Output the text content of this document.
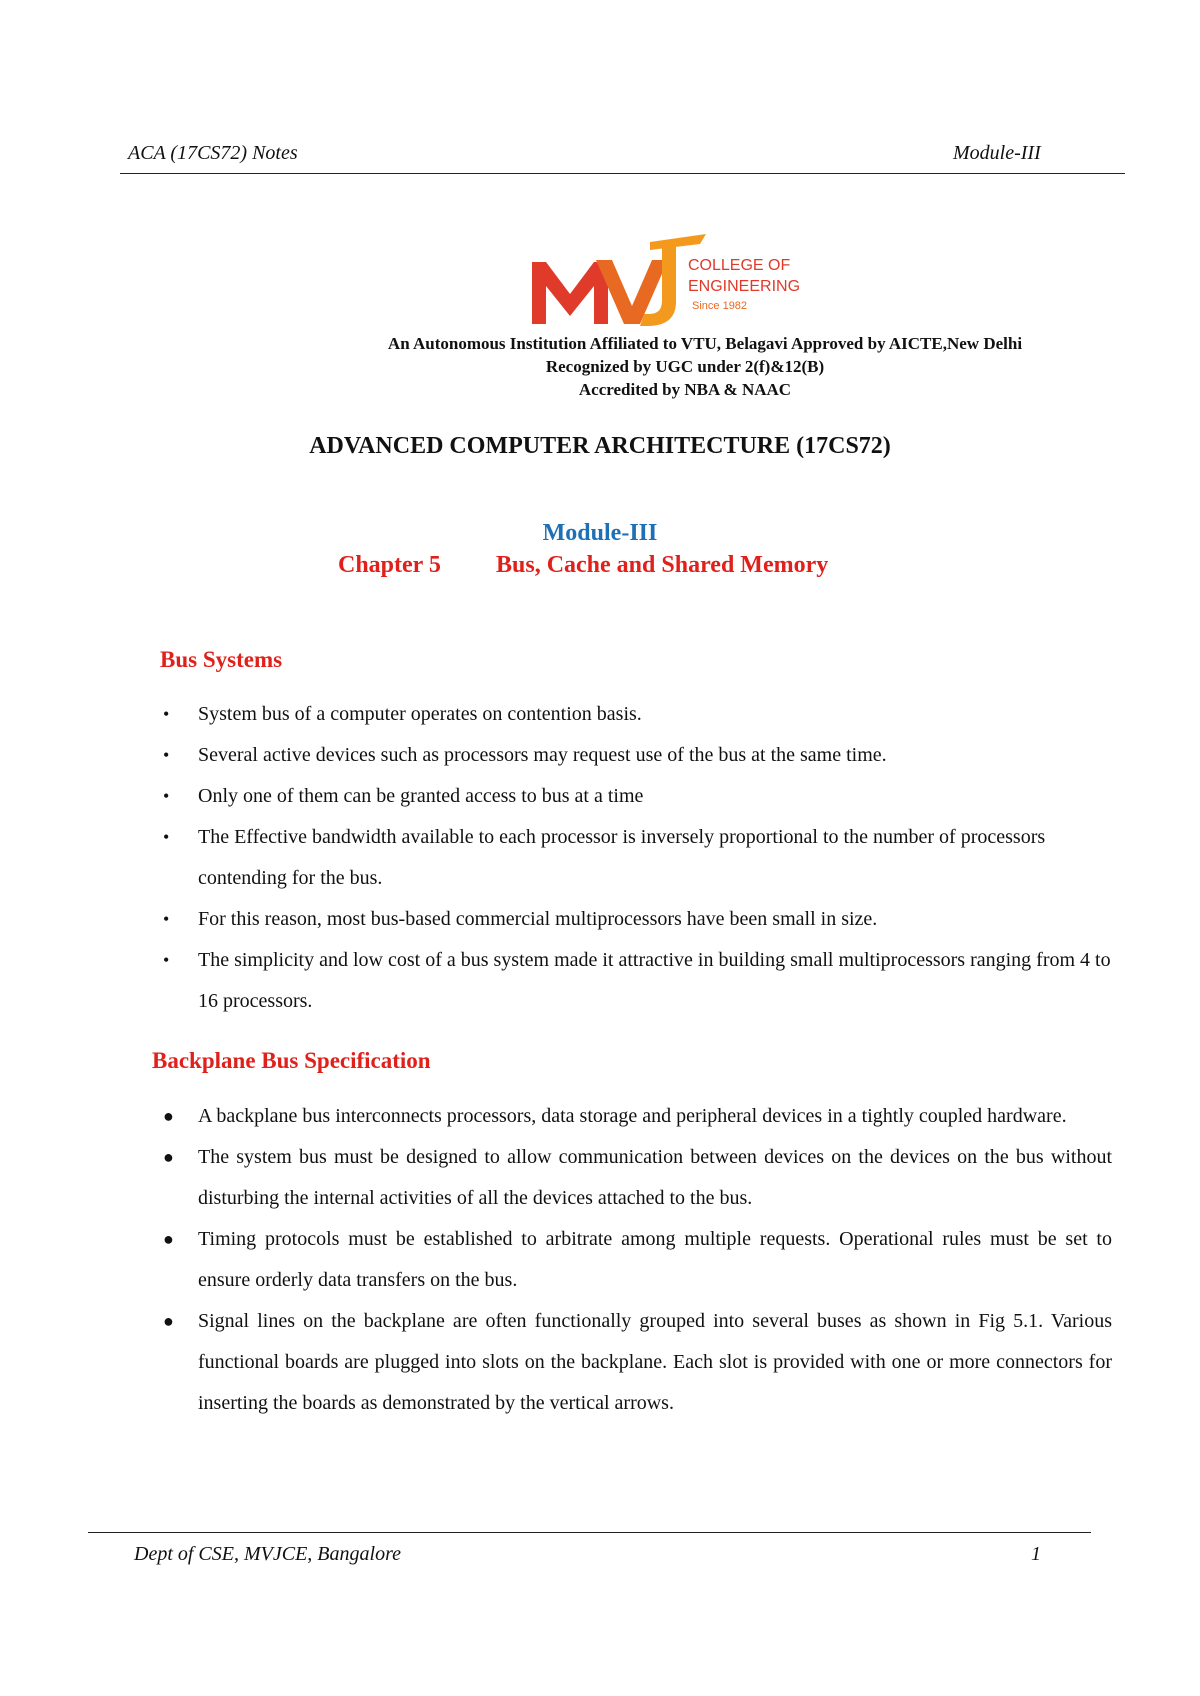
ACA (17CS72) Notes	Module-III
COLLEGE OF
ENGINEERING
Since 1982
An Autonomous Institution Affiliated to VTU, Belagavi Approved by AICTE,New Delhi
Recognized by UGC under 2(f)&12(B)
Accredited by NBA & NAAC
ADVANCED COMPUTER ARCHITECTURE (17CS72)
Module-III
Chapter 5 Bus, Cache and Shared Memory
Bus Systems
• System bus of a computer operates on contention basis.
• Several active devices such as processors may request use of the bus at the same time.
• Only one of them can be granted access to bus at a time
• The Effective bandwidth available to each processor is inversely proportional to the number of processors contending for the bus.
• For this reason, most bus-based commercial multiprocessors have been small in size.
• The simplicity and low cost of a bus system made it attractive in building small multiprocessors ranging from 4 to 16 processors.
Backplane Bus Specification
● A backplane bus interconnects processors, data storage and peripheral devices in a tightly coupled hardware.
● The system bus must be designed to allow communication between devices on the devices on the bus without disturbing the internal activities of all the devices attached to the bus.
● Timing protocols must be established to arbitrate among multiple requests. Operational rules must be set to ensure orderly data transfers on the bus.
● Signal lines on the backplane are often functionally grouped into several buses as shown in Fig 5.1. Various functional boards are plugged into slots on the backplane. Each slot is provided with one or more connectors for inserting the boards as demonstrated by the vertical arrows.
Dept of CSE, MVJCE, Bangalore	1
